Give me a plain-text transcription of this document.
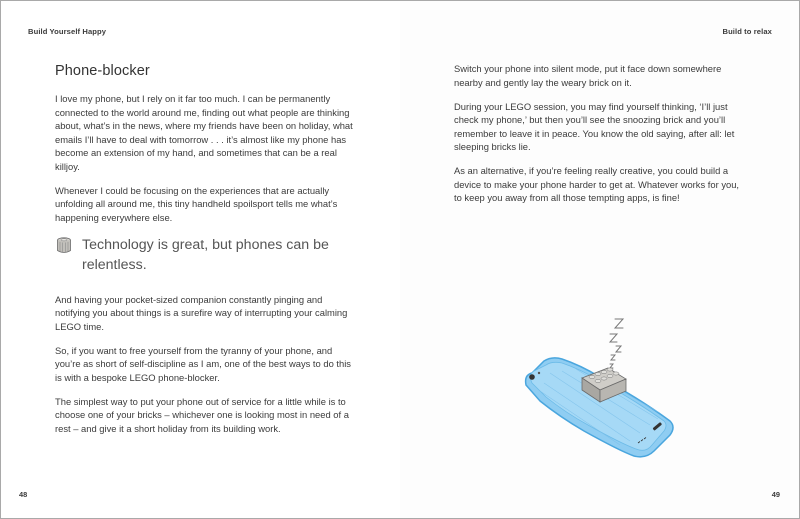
Build Yourself Happy
Phone-blocker

I love my phone, but I rely on it far too much. I can be permanently connected to the world around me, finding out what people are thinking about, what’s in the news, where my friends have been on holiday, what emails I’ll have to deal with tomorrow . . . it’s almost like my phone has become an extension of my hand, and sometimes that can be a real killjoy.

Whenever I could be focusing on the experiences that are actually unfolding all around me, this tiny handheld spoilsport tells me what’s happening everywhere else.

Technology is great, but phones can be relentless.

And having your pocket-sized companion constantly pinging and notifying you about things is a surefire way of interrupting your calming LEGO time.

So, if you want to free yourself from the tyranny of your phone, and you’re as short of self-discipline as I am, one of the best ways to do this is with a bespoke LEGO phone-blocker.

The simplest way to put your phone out of service for a little while is to choose one of your bricks – whichever one is looking most in need of a rest – and give it a short holiday from its building work.

48
Build to relax

Switch your phone into silent mode, put it face down somewhere nearby and gently lay the weary brick on it.

During your LEGO session, you may find yourself thinking, ‘I’ll just check my phone,’ but then you’ll see the snoozing brick and you’ll remember to leave it in peace. You know the old saying, after all: let sleeping bricks lie.

As an alternative, if you’re feeling really creative, you could build a device to make your phone harder to get at. Whatever works for you, to keep you away from all those tempting apps, is fine!

49
